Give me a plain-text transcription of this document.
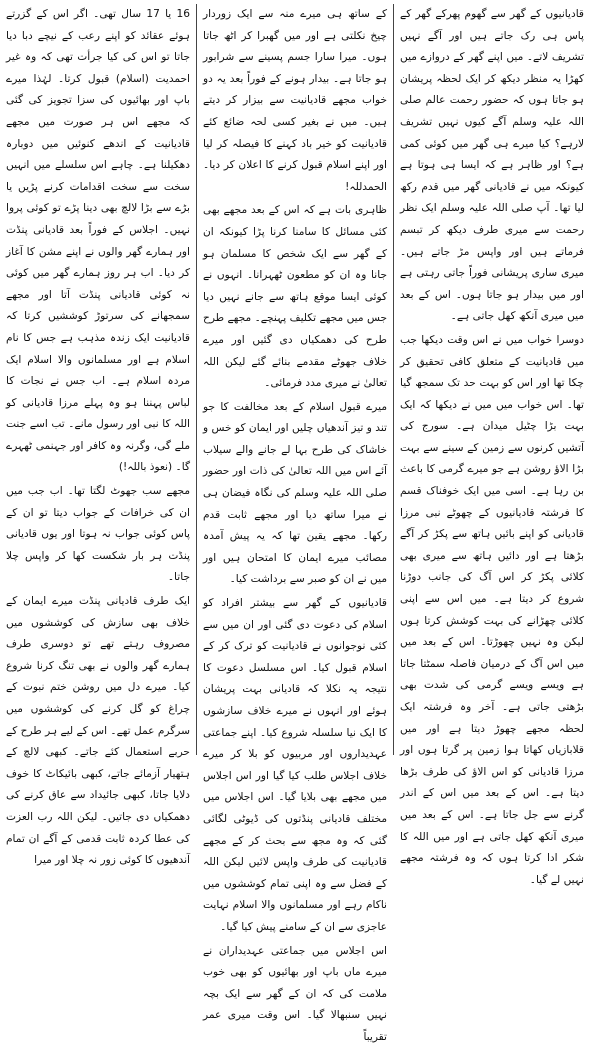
قادیانیوں کے گھر سے گھوم پھرکے گھر کے پاس ہی رک جاتے ہیں اور آگے نہیں تشریف لاتے۔ میں اپنے گھر کے دروازے میں کھڑا یہ منظر دیکھ کر ایک لحظہ پریشان ہو جاتا ہوں کہ حضور رحمت عالم صلی اللہ علیہ وسلم آگے کیوں نہیں تشریف لارہے؟ کیا میرے ہی گھر میں کوئی کمی ہے؟ اور ظاہر ہے کہ ایسا ہی ہوتا ہے کیونکہ میں نے قادیانی گھر میں قدم رکھ لیا تھا۔ آپ صلی اللہ علیہ وسلم ایک نظر رحمت سے میری طرف دیکھ کر تبسم فرماتے ہیں اور واپس مڑ جاتے ہیں۔ میری ساری پریشانی فوراً جاتی رہتی ہے اور میں بیدار ہو جاتا ہوں۔ اس کے بعد میں میری آنکھ کھل جاتی ہے۔

دوسرا خواب میں نے اس وقت دیکھا جب میں قادیانیت کے متعلق کافی تحقیق کر چکا تھا اور اس کو بہت حد تک سمجھ گیا تھا۔ اس خواب میں میں نے دیکھا کہ ایک بہت بڑا چٹیل میدان ہے۔ سورج کی آتشیں کرنوں سے زمین کے سینے سے بہت بڑا الاؤ روشن ہے جو میرے گرمی کا باعث بن رہا ہے۔ اسی میں ایک خوفناک قسم کا فرشتہ قادیانیوں کے چھوٹے نبی مرزا قادیانی کو اپنے بائیں ہاتھ سے پکڑ کر آگے بڑھتا ہے اور دائیں ہاتھ سے میری بھی کلائی پکڑ کر اس آگ کی جانب دوڑنا شروع کر دیتا ہے۔ میں اس سے اپنی کلائی چھڑانے کی بہت کوشش کرتا ہوں لیکن وہ نہیں چھوڑتا۔ اس کے بعد میں میں اس آگ کے درمیان فاصلہ سمٹتا جاتا ہے ویسے ویسے گرمی کی شدت بھی بڑھتی جاتی ہے۔ آخر وہ فرشتہ ایک لحظہ مجھے چھوڑ دیتا ہے اور میں قلابازیاں کھاتا ہوا زمین پر گرتا ہوں اور مرزا قادیانی کو اس الاؤ کی طرف بڑھا دیتا ہے۔ اس کے بعد میں اس کے اندر گرنے سے جل جاتا ہے۔ اس کے بعد میں میری آنکھ کھل جاتی ہے اور میں اللہ کا شکر ادا کرتا ہوں کہ وہ فرشتہ مجھے نہیں لے گیا۔

کے ساتھ ہی میرے منہ سے ایک زوردار چیخ نکلتی ہے اور میں گھبرا کر اٹھ جاتا ہوں۔ میرا سارا جسم پسینے سے شرابور ہو جاتا ہے۔ بیدار ہونے کے فوراً بعد یہ دو خواب مجھے قادیانیت سے بیزار کر دیتے ہیں۔ میں نے بغیر کسی لحہ ضائع کئے قادیانیت کو خیر باد کہنے کا فیصلہ کر لیا اور اپنے اسلام قبول کرنے کا اعلان کر دیا۔ الحمدللہ!

ظاہری بات ہے کہ اس کے بعد مجھے بھی کئی مسائل کا سامنا کرنا پڑا کیونکہ ان کے گھر سے ایک شخص کا مسلمان ہو جانا وہ ان کو مطعون ٹھہرانا۔ انہوں نے کوئی ایسا موقع ہاتھ سے جانے نہیں دیا جس میں مجھے تکلیف پہنچے۔ مجھے طرح طرح کی دھمکیاں دی گئیں اور میرے خلاف جھوٹے مقدمے بنائے گئے لیکن اللہ تعالیٰ نے میری مدد فرمائی۔

میرے قبول اسلام کے بعد مخالفت کا جو تند و تیز آندھیاں چلیں اور ایمان کو خس و خاشاک کی طرح بہا لے جانے والے سیلاب آئے اس میں اللہ تعالیٰ کی ذات اور حضور صلی اللہ علیہ وسلم کی نگاہ فیضان ہی نے میرا ساتھ دیا اور مجھے ثابت قدم رکھا۔ مجھے یقین تھا کہ یہ پیش آمدہ مصائب میرے ایمان کا امتحان ہیں اور میں نے ان کو صبر سے برداشت کیا۔

قادیانیوں کے گھر سے بیشتر افراد کو اسلام کی دعوت دی گئی اور ان میں سے کئی نوجوانوں نے قادیانیت کو ترک کر کے اسلام قبول کیا۔ اس مسلسل دعوت کا نتیجہ یہ نکلا کہ قادیانی بہت پریشان ہوئے اور انہوں نے میرے خلاف سازشوں کا ایک نیا سلسلہ شروع کیا۔ اپنے جماعتی عہدیداروں اور مربیوں کو بلا کر میرے خلاف اجلاس طلب کیا گیا اور اس اجلاس میں مجھے بھی بلایا گیا۔ اس اجلاس میں مختلف قادیانی پنڈتوں کی ڈیوٹی لگائی گئی کہ وہ مجھ سے بحث کر کے مجھے قادیانیت کی طرف واپس لائیں لیکن اللہ کے فضل سے وہ اپنی تمام کوششوں میں ناکام رہے اور مسلمانوں والا اسلام نہایت عاجزی سے ان کے سامنے پیش کیا گیا۔

اس اجلاس میں جماعتی عہدیداران نے میرے ماں باپ اور بھائیوں کو بھی خوب ملامت کی کہ ان کے گھر سے ایک بچہ نہیں سنبھالا گیا۔ اس وقت میری عمر تقریباً

16 یا 17 سال تھی۔ اگر اس کے گزرتے ہوئے عقائد کو اپنے رعب کے نیچے دبا دیا جاتا تو اس کی کیا جرأت تھی کہ وہ غیر احمدیت (اسلام) قبول کرتا۔ لہٰذا میرے باپ اور بھائیوں کی سزا تجویز کی گئی کہ مجھے اس ہر صورت میں مجھے قادیانیت کے اندھے کنوئیں میں دوبارہ دھکیلنا ہے۔ چاہے اس سلسلے میں انہیں سخت سے سخت اقدامات کرنے پڑیں یا بڑے سے بڑا لالچ بھی دینا پڑے تو کوئی پروا نہیں۔ اجلاس کے فوراً بعد قادیانی پنڈت اور ہمارے گھر والوں نے اپنے مشن کا آغاز کر دیا۔ اب ہر روز ہمارے گھر میں کوئی نہ کوئی قادیانی پنڈت آتا اور مجھے سمجھانے کی سرتوڑ کوششیں کرتا کہ قادیانیت ایک زندہ مذہب ہے جس کا نام اسلام ہے اور مسلمانوں والا اسلام ایک مردہ اسلام ہے۔ اب جس نے نجات کا لباس پہننا ہو وہ پہلے مرزا قادیانی کو اللہ کا نبی اور رسول مانے۔ تب اسے جنت ملے گی، وگرنہ وہ کافر اور جہنمی ٹھہرے گا۔ (نعوذ باللہ!)

مجھے سب جھوٹ لگتا تھا۔ اب جب میں ان کی خرافات کے جواب دیتا تو ان کے پاس کوئی جواب نہ ہوتا اور یوں قادیانی پنڈت ہر بار شکست کھا کر واپس چلا جاتا۔

ایک طرف قادیانی پنڈت میرے ایمان کے خلاف بھی سازش کی کوششوں میں مصروف رہتے تھے تو دوسری طرف ہمارے گھر والوں نے بھی تنگ کرنا شروع کیا۔ میرے دل میں روشن ختم نبوت کے چراغ کو گل کرنے کی کوششوں میں سرگرم عمل تھے۔ اس کے لیے ہر طرح کے حربے استعمال کئے جاتے۔ کبھی لالچ کے ہتھیار آزمائے جاتے، کبھی بائیکاٹ کا خوف دلایا جاتا، کبھی جائیداد سے عاق کرنے کی دھمکیاں دی جاتیں۔ لیکن اللہ رب العزت کی عطا کردہ ثابت قدمی کے آگے ان تمام آندھیوں کا کوئی زور نہ چلا اور میرا
